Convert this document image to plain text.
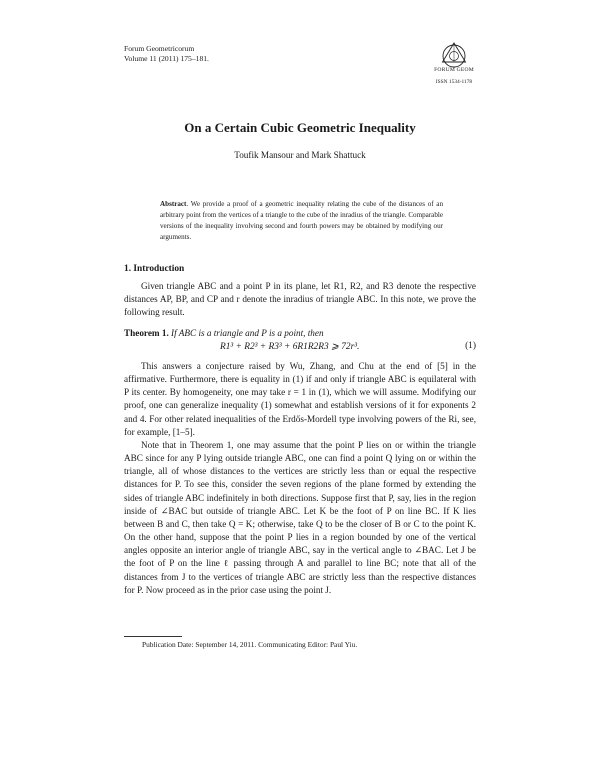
Forum Geometricorum
Volume 11 (2011) 175–181.
FORUM GEOM
ISSN 1534-1178
On a Certain Cubic Geometric Inequality
Toufik Mansour and Mark Shattuck
Abstract. We provide a proof of a geometric inequality relating the cube of the distances of an arbitrary point from the vertices of a triangle to the cube of the inradius of the triangle. Comparable versions of the inequality involving second and fourth powers may be obtained by modifying our arguments.
1. Introduction
Given triangle ABC and a point P in its plane, let R1, R2, and R3 denote the respective distances AP, BP, and CP and r denote the inradius of triangle ABC. In this note, we prove the following result.
Theorem 1. If ABC is a triangle and P is a point, then
R1³ + R2³ + R3³ + 6R1R2R3 ⩾ 72r³.	(1)
This answers a conjecture raised by Wu, Zhang, and Chu at the end of [5] in the affirmative. Furthermore, there is equality in (1) if and only if triangle ABC is equilateral with P its center. By homogeneity, one may take r = 1 in (1), which we will assume. Modifying our proof, one can generalize inequality (1) somewhat and establish versions of it for exponents 2 and 4. For other related inequalities of the Erdős-Mordell type involving powers of the Ri, see, for example, [1–5].
Note that in Theorem 1, one may assume that the point P lies on or within the triangle ABC since for any P lying outside triangle ABC, one can find a point Q lying on or within the triangle, all of whose distances to the vertices are strictly less than or equal the respective distances for P. To see this, consider the seven regions of the plane formed by extending the sides of triangle ABC indefinitely in both directions. Suppose first that P, say, lies in the region inside of ∠BAC but outside of triangle ABC. Let K be the foot of P on line BC. If K lies between B and C, then take Q = K; otherwise, take Q to be the closer of B or C to the point K. On the other hand, suppose that the point P lies in a region bounded by one of the vertical angles opposite an interior angle of triangle ABC, say in the vertical angle to ∠BAC. Let J be the foot of P on the line ℓ passing through A and parallel to line BC; note that all of the distances from J to the vertices of triangle ABC are strictly less than the respective distances for P. Now proceed as in the prior case using the point J.
Publication Date: September 14, 2011. Communicating Editor: Paul Yiu.
